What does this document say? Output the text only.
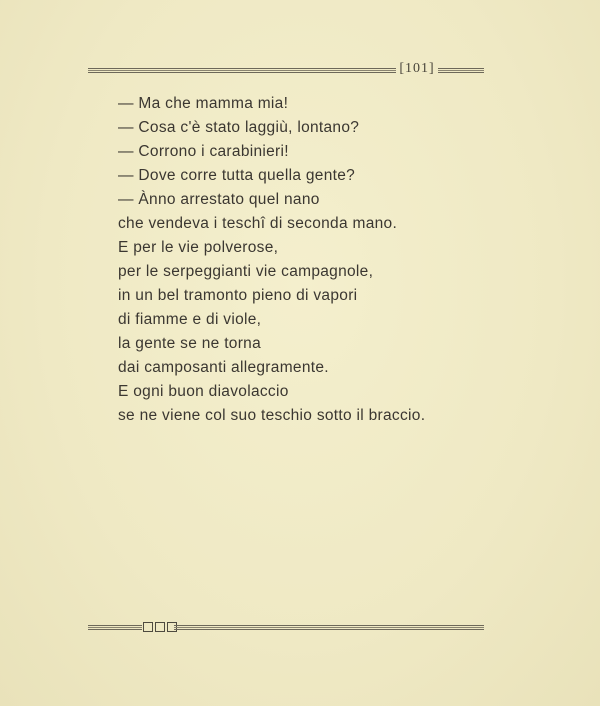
[101]
— Ma che mamma mia!
— Cosa c'è stato laggiù, lontano?
— Corrono i carabinieri!
— Dove corre tutta quella gente?
— Ànno arrestato quel nano
che vendeva i teschî di seconda mano.
E per le vie polverose,
per le serpeggianti vie campagnole,
in un bel tramonto pieno di vapori
di fiamme e di viole,
la gente se ne torna
dai camposanti allegramente.
E ogni buon diavolaccio
se ne viene col suo teschio sotto il braccio.
